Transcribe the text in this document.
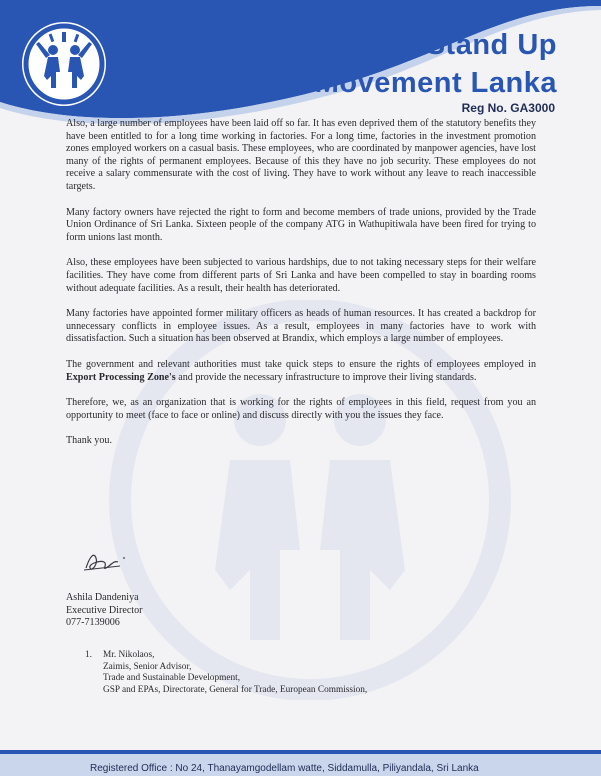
Stand Up
Movement Lanka
Reg No. GA3000

Also, a large number of employees have been laid off so far. It has even deprived them of the statutory benefits they have been entitled to for a long time working in factories. For a long time, factories in the investment promotion zones employed workers on a casual basis. These employees, who are coordinated by manpower agencies, have lost many of the rights of permanent employees. Because of this they have no job security. These employees do not receive a salary commensurate with the cost of living. They have to work without any leave to reach inaccessible targets.

Many factory owners have rejected the right to form and become members of trade unions, provided by the Trade Union Ordinance of Sri Lanka. Sixteen people of the company ATG in Wathupitiwala have been fired for trying to form unions last month.

Also, these employees have been subjected to various hardships, due to not taking necessary steps for their welfare facilities. They have come from different parts of Sri Lanka and have been compelled to stay in boarding rooms without adequate facilities. As a result, their health has deteriorated.

Many factories have appointed former military officers as heads of human resources. It has created a backdrop for unnecessary conflicts in employee issues. As a result, employees in many factories have to work with dissatisfaction. Such a situation has been observed at Brandix, which employs a large number of employees.

The government and relevant authorities must take quick steps to ensure the rights of employees employed in Export Processing Zone's and provide the necessary infrastructure to improve their living standards.

Therefore, we, as an organization that is working for the rights of employees in this field, request from you an opportunity to meet (face to face or online) and discuss directly with you the issues they face.

Thank you.

Ashila Dandeniya
Executive Director
077-7139006
1. Mr. Nikolaos,
Zaimis, Senior Advisor,
Trade and Sustainable Development,
GSP and EPAs, Directorate, General for Trade, European Commission,
Registered Office : No 24, Thanayamgodellam watte, Siddamulla, Piliyandala, Sri Lanka
